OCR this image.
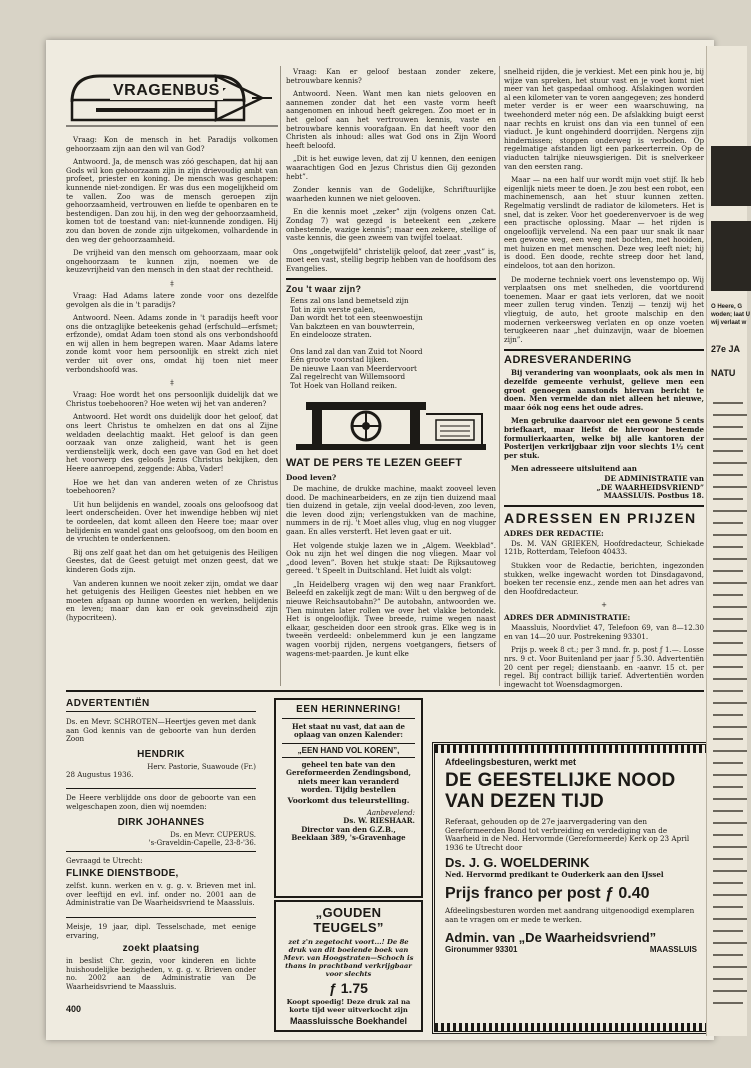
VRAGENBUS

Vraag: Kon de mensch in het Paradijs volkomen gehoorzaam zijn aan den wil van God?

Antwoord. Ja, de mensch was zóó geschapen, dat hij aan Gods wil kon gehoorzaam zijn in zijn drievoudig ambt van profeet, priester en koning. De mensch was geschapen: kunnende niet-zondigen. Er was dus een mogelijkheid om te vallen. Zoo was de mensch geroepen zijn gehoorzaamheid, vertrouwen en liefde te openbaren en te bestendigen. Dan zou hij, in den weg der gehoorzaamheid, komen tot de toestand van: niet-kunnende zondigen. Hij zou dan boven de zonde zijn uitgekomen, volhardende in den weg der gehoorzaamheid.

De vrijheid van den mensch om gehoorzaam, maar ook ongehoorzaam te kunnen zijn, noemen we de keuzevrijheid van den mensch in den staat der rechtheid.

‡

Vraag: Had Adams latere zonde voor ons dezelfde gevolgen als die in 't paradijs?

Antwoord. Neen. Adams zonde in 't paradijs heeft voor ons die ontzaglijke beteekenis gehad (erfschuld—erfsmet; erfzonde), omdat Adam toen stond als ons verbondshoofd en wij allen in hem begrepen waren. Maar Adams latere zonde komt voor hem persoonlijk en strekt zich niet verder uit over ons, omdat hij toen niet meer verbondshoofd was.

‡

Vraag: Hoe wordt het ons persoonlijk duidelijk dat we Christus toebehooren? Hoe weten wij het van anderen?

Antwoord. Het wordt ons duidelijk door het geloof, dat ons leert Christus te omhelzen en dat ons al Zijne weldaden deelachtig maakt. Het geloof is dan geen oorzaak van onze zaligheid, want het is geen verdienstelijk werk, doch een gave van God en het doet het voorwerp des geloofs Jezus Christus bekijken, den Heere aanroepend, zeggende: Abba, Vader!

Hoe we het dan van anderen weten of ze Christus toebehooren?

Uit hun belijdenis en wandel, zooals ons geloofsoog dat leert onderscheiden. Over het inwendige hebben wij niet te oordeelen, dat komt alleen den Heere toe; maar over belijdenis en wandel gaat ons geloofsoog, om den boom en de vruchten te onderkennen.

Bij ons zelf gaat het dan om het getuigenis des Heiligen Geestes, dat de Geest getuigt met onzen geest, dat we kinderen Gods zijn.

Van anderen kunnen we nooit zeker zijn, omdat we daar het getuigenis des Heiligen Geestes niet hebben en we moeten afgaan op hunne woorden en werken, belijdenis en leven; maar dan kan er ook geveinsdheid zijn (hypocriteen).

Vraag: Kan er geloof bestaan zonder zekere, betrouwbare kennis?

Antwoord. Neen. Want men kan niets gelooven en aannemen zonder dat het een vaste vorm heeft aangenomen en inhoud heeft gekregen. Zoo moet er in het geloof aan het vertrouwen kennis, vaste en betrouwbare kennis voorafgaan. En dat heeft voor den Christen als inhoud: alles wat God ons in Zijn Woord heeft beloofd.

„Dit is het euwige leven, dat zij U kennen, den eenigen waarachtigen God en Jezus Christus dien Gij gezonden hebt”.

Zonder kennis van de Godelijke, Schriftuurlijke waarheden kunnen we niet gelooven.

En die kennis moet „zeker” zijn (volgens onzen Cat. Zondag 7) wat gezegd is beteekent een „zekere onbestemde, wazige kennis”; maar een zekere, stellige of vaste kennis, die geen zweem van twijfel toelaat.

Ons „ongetwijfeld” christelijk geloof, dat zeer „vast” is, moet een vast, stellig begrip hebben van de hoofdsom des Evangelies.

Zou 't waar zijn?
Eens zal ons land bemetseld zijn
Tot in zijn verste galen,
Dan wordt het tot een steenwoestijn
Van bakzteen en van bouwterrein,
En eindelooze straten.

Ons land zal dan van Zuid tot Noord
Eén groote voorstad lijken.
De nieuwe Laan van Meerdervoort
Zal regelrecht van Willemsoord
Tot Hoek van Holland reiken.
WAT DE PERS TE LEZEN GEEFT
Dood leven?

De machine, de drukke machine, maakt zooveel leven dood. De machinearbeiders, en ze zijn tien duizend maal tien duizend in getale, zijn veelal dood-leven, zoo leven, die leven dood zijn; verlengstukken van de machine, nummers in de rij. 't Moet alles vlug, vlug en nog vlugger gaan. En alles versterft. Het leven gaat er uit.

Het volgende stukje lazen we in „Algem. Weekblad”. Ook nu zijn het wel dingen die nog vliegen. Maar vol „dood leven”. Boven het stukje staat: De Rijksautoweg gereed. 't Speelt in Duitschland. Het luidt als volgt:

„In Heidelberg vragen wij den weg naar Frankfort. Beleefd en zakelijk zegt de man: Wilt u den bergweg of de nieuwe Reichsautobahn?” De autobahn, antwoorden we. Tien minuten later rollen we over het vlakke betondek. Het is ongelooflijk. Twee breede, ruime wegen naast elkaar, gescheiden door een strook gras. Elke weg is in tweeën verdeeld: onbelemmerd kun je een langzame wagen voorbij rijden, nergens voetgangers, fietsers of wagens-met-paarden. Je kunt elke

snelheid rijden, die je verkiest. Met een pink hou je, bij wijze van spreken, het stuur vast en je voet komt niet meer van het gaspedaal omhoog. Afslakingen worden al een kilometer van te voren aangegeven; zes honderd meter verder is er weer een waarschuwing, na tweehonderd meter nóg een. De afslakking buigt eerst naar rechts en kruist ons dan via een tunnel of een viaduct. Je kunt ongehinderd doorrijden. Nergens zijn hindernissen; stoppen onderweg is verboden. Op regelmatige afstanden ligt een parkeerterrein. Op de viaducten talrijke nieuwsgierigen. Dit is snelverkeer van den eersten rang.

Maar — na een half uur wordt mijn voet stijf. Ik heb eigenlijk niets meer te doen. Je zou best een robot, een machinemensch, aan het stuur kunnen zetten. Regelmatig verslindt de radiator de kilometers. Het is snel, dat is zeker. Voor het goederenvervoer is de weg een practische oplossing. Maar — het rijden is ongelooflijk vervelend. Na een paar uur snak ik naar een gewone weg, een weg met bochten, met hooiden, met huizen en met menschen. Deze weg leeft niet; hij is dood. Een doode, rechte streep door het land, eindeloos, tot aan den horizon.

De moderne techniek voert ons levenstempo op. Wij verplaatsen ons met snelheden, die voortdurend toenemen. Maar er gaat iets verloren, dat we nooit meer zullen terug vinden. Tenzij — tenzij wij het vliegtuig, de auto, het groote malschip en den modernen verkeersweg verlaten en op onze voeten terugkeeren naar „het duinzavijn, waar de bloemen zijn”.

ADRESVERANDERING

Bij verandering van woonplaats, ook als men in dezelfde gemeente verhuist, gelieve men een groot genoegen aanstonds hiervan bericht te doen. Men vermelde dan niet alleen het nieuwe, maar óók nog eens het oude adres.

Men gebruike daarvoor niet een gewone 5 cents briefkaart, maar liefst de hiervoor bestemde formulierkaarten, welke bij alle kantoren der Posterijen verkrijgbaar zijn voor slechts 1½ cent per stuk.

Men adresseere uitsluitend aan

DE ADMINISTRATIE van
„DE WAARHEIDSVRIEND”
MAASSLUIS. Postbus 18.
ADRESSEN EN PRIJZEN
ADRES DER REDACTIE:

Ds. M. VAN GRIEKEN, Hoofdredacteur, Schiekade 121b, Rotterdam, Telefoon 40433.

Stukken voor de Redactie, berichten, ingezonden stukken, welke ingewacht worden tot Dinsdagavond, boeken ter recensie enz., zende men aan het adres van den Hoofdredacteur.

+
ADRES DER ADMINISTRATIE:

Maassluis, Noordvliet 47, Telefoon 69, van 8—12.30 en van 14—20 uur. Postrekening 93301.

Prijs p. week 8 ct.; per 3 mnd. fr. p. post ƒ 1.—. Losse nrs. 9 ct. Voor Buitenland per jaar ƒ 5.30. Advertentiën 20 cent per regel; dienstaanb. en -aanvr. 15 ct. per regel. Bij contract billijk tarief. Advertentiën worden ingewacht tot Woensdagmorgen.

ADVERTENTIËN

Ds. en Mevr. SCHROTEN—Heertjes geven met dank aan God kennis van de geboorte van hun derden Zoon

HENDRIK
Herv. Pastorie, Suawoude (Fr.)

28 Augustus 1936.

De Heere verblijdde ons door de geboorte van een welgeschapen zoon, dien wij noemden:

DIRK JOHANNES
Ds. en Mevr. CUPERUS.
's-Graveldin-Capelle, 23-8-'36.

Gevraagd te Utrecht:

FLINKE DIENSTBODE,

zelfst. kunn. werken en v. g. g. v. Brieven met inl. over leeftijd en evl. inf. onder no. 2001 aan de Administratie van De Waarheidsvriend te Maassluis.

Meisje, 19 jaar, dipl. Tesselschade, met eenige ervaring,

zoekt plaatsing

in beslist Chr. gezin, voor kinderen en lichte huishoudelijke bezigheden, v. g. g. v. Brieven onder no. 2002 aan de Administratie van De Waarheidsvriend te Maassluis.

400
EEN HERINNERING!
Het staat nu vast, dat aan de oplaag van onzen Kalender:
„EEN HAND VOL KOREN”,
geheel ten bate van den Gereformeerden Zendingsbond, niets meer kan veranderd worden. Tijdig bestellen
Voorkomt dus teleurstelling.
Aanbevelend:
Ds. W. RIESHAAR.
Director van den G.Z.B., Beeklaan 389, 's-Gravenhage
„GOUDEN TEUGELS”
zet z'n zegetocht voort...! De 8e druk van dit boeiende boek van Mevr. van Hoogstraten—Schoch is thans in prachtband verkrijgbaar voor slechts
ƒ 1.75
Koopt spoedig! Deze druk zal na korte tijd weer uitverkocht zijn
Maassluissche Boekhandel
Afdeelingsbesturen, werkt met
DE GEESTELIJKE NOOD
VAN DEZEN TIJD
Referaat, gehouden op de 27e jaarvergadering van den Gereformeerden Bond tot verbreiding en verdediging van de Waarheid in de Ned. Hervormde (Gereformeerde) Kerk op 23 April 1936 te Utrecht door
Ds. J. G. WOELDERINK
Ned. Hervormd predikant te Ouderkerk aan den IJssel
Prijs franco per post ƒ 0.40
Afdeelingsbesturen worden met aandrang uitgenoodigd exemplaren aan te vragen om er mede te werken.
Admin. van „De Waarheidsvriend”
Gironummer 93301	MAASSLUIS
O Heere, G
woden; laat U
wij verlaat w
27e JA
NATU
